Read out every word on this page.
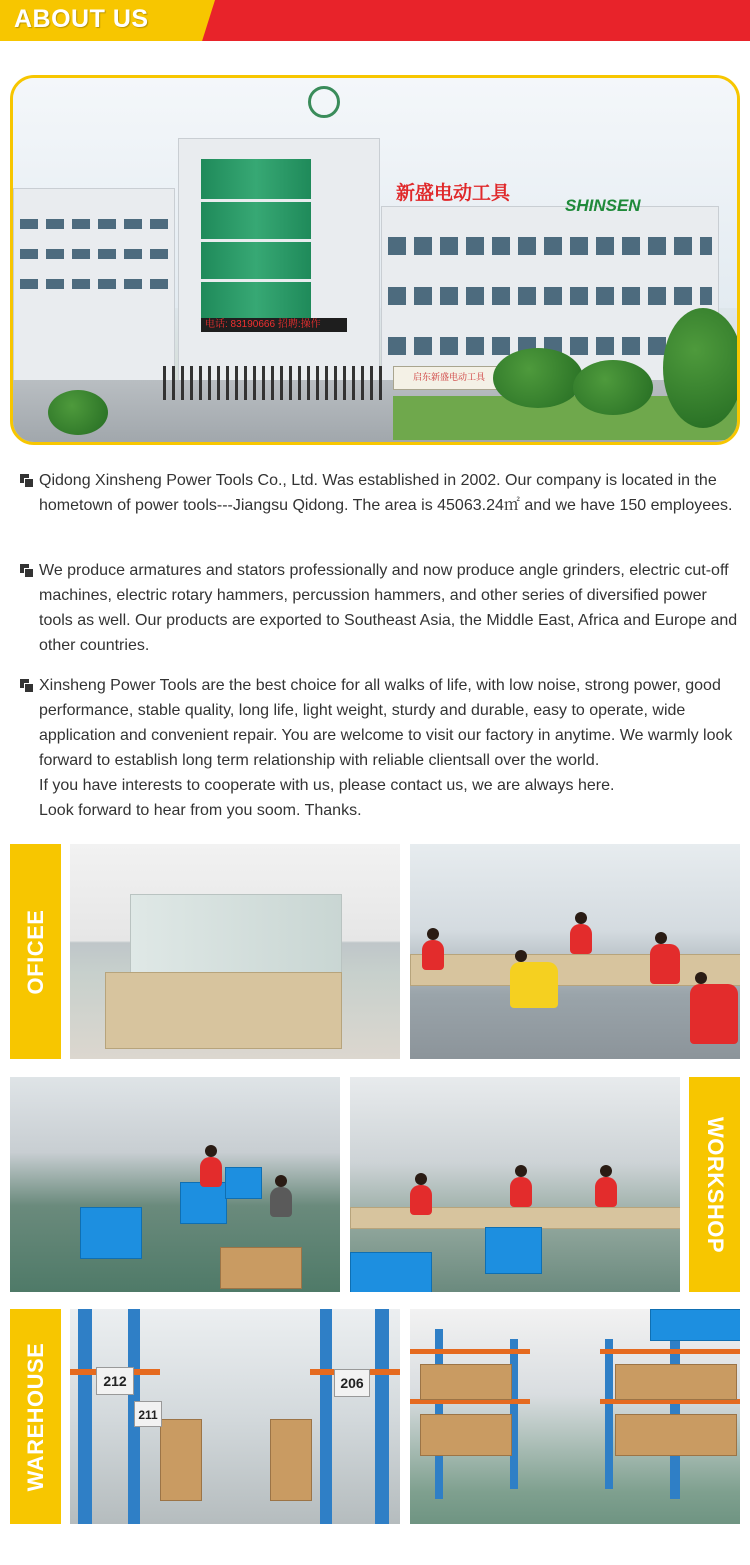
ABOUT US
新盛电动工具
SHINSEN
电话: 83190666 招聘:操作
启东新盛电动工具
Qidong Xinsheng Power Tools Co., Ltd. Was established in 2002. Our company is located in the hometown of power tools---Jiangsu Qidong. The area is 45063.24㎡ and we have 150 employees.
We produce armatures and stators professionally and now produce angle grinders, electric cut-off machines, electric rotary hammers, percussion hammers, and other series of diversified power tools as well. Our products are exported to Southeast Asia, the Middle East, Africa and Europe and other countries.
Xinsheng Power Tools are the best choice for all walks of life, with low noise, strong power, good performance, stable quality, long life, light weight, sturdy and durable, easy to operate, wide application and convenient repair. You are welcome to visit our factory in anytime. We warmly look forward to establish long term relationship with reliable clientsall over the world.
If you have interests to cooperate with us, please contact us, we are always here.
Look forward to hear from you soom. Thanks.
OFICEE
WORKSHOP
WAREHOUSE	212
211
206
